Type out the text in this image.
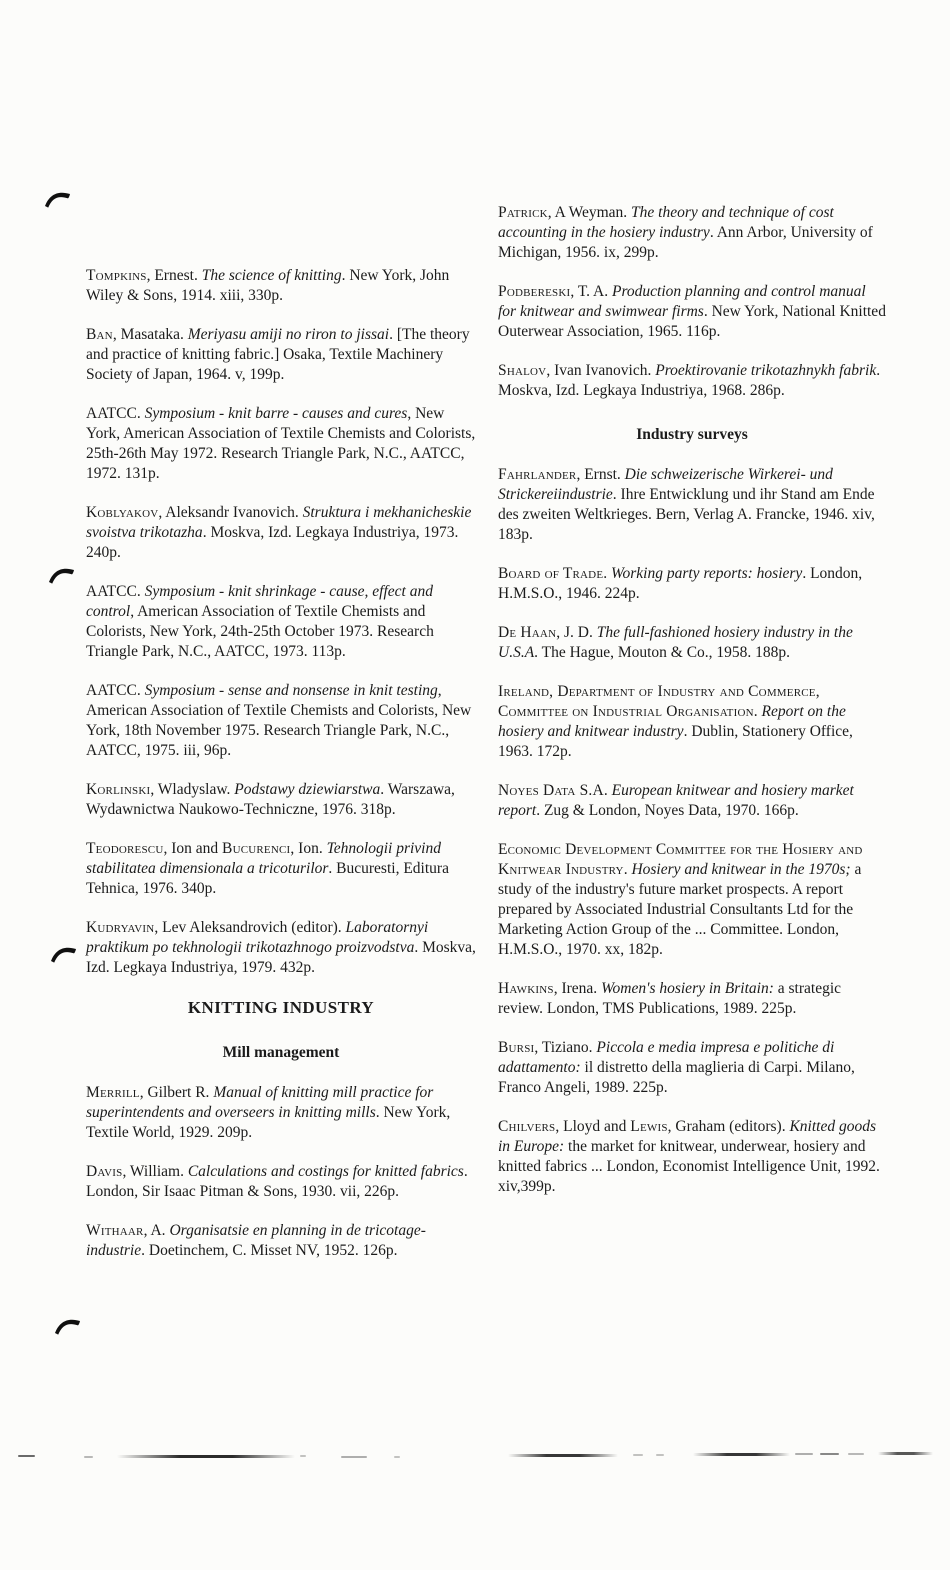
Tompkins, Ernest. The science of knitting. New York, John Wiley & Sons, 1914. xiii, 330p.

Ban, Masataka. Meriyasu amiji no riron to jissai. [The theory and practice of knitting fabric.] Osaka, Textile Machinery Society of Japan, 1964. v, 199p.

AATCC. Symposium - knit barre - causes and cures, New York, American Association of Textile Chemists and Colorists, 25th-26th May 1972. Research Triangle Park, N.C., AATCC, 1972. 131p.

Koblyakov, Aleksandr Ivanovich. Struktura i mekhanicheskie svoistva trikotazha. Moskva, Izd. Legkaya Industriya, 1973. 240p.

AATCC. Symposium - knit shrinkage - cause, effect and control, American Association of Textile Chemists and Colorists, New York, 24th-25th October 1973. Research Triangle Park, N.C., AATCC, 1973. 113p.

AATCC. Symposium - sense and nonsense in knit testing, American Association of Textile Chemists and Colorists, New York, 18th November 1975. Research Triangle Park, N.C., AATCC, 1975. iii, 96p.

Korlinski, Wladyslaw. Podstawy dziewiarstwa. Warszawa, Wydawnictwa Naukowo-Techniczne, 1976. 318p.

Teodorescu, Ion and Bucurenci, Ion. Tehnologii privind stabilitatea dimensionala a tricoturilor. Bucuresti, Editura Tehnica, 1976. 340p.

Kudryavin, Lev Aleksandrovich (editor). Laboratornyi praktikum po tekhnologii trikotazhnogo proizvodstva. Moskva, Izd. Legkaya Industriya, 1979. 432p.

KNITTING INDUSTRY
Mill management

Merrill, Gilbert R. Manual of knitting mill practice for superintendents and overseers in knitting mills. New York, Textile World, 1929. 209p.

Davis, William. Calculations and costings for knitted fabrics. London, Sir Isaac Pitman & Sons, 1930. vii, 226p.

Withaar, A. Organisatsie en planning in de tricotage-industrie. Doetinchem, C. Misset NV, 1952. 126p.

Patrick, A Weyman. The theory and technique of cost accounting in the hosiery industry. Ann Arbor, University of Michigan, 1956. ix, 299p.

Podbereski, T. A. Production planning and control manual for knitwear and swimwear firms. New York, National Knitted Outerwear Association, 1965. 116p.

Shalov, Ivan Ivanovich. Proektirovanie trikotazhnykh fabrik. Moskva, Izd. Legkaya Industriya, 1968. 286p.

Industry surveys

Fahrlander, Ernst. Die schweizerische Wirkerei- und Strickereiindustrie. Ihre Entwicklung und ihr Stand am Ende des zweiten Weltkrieges. Bern, Verlag A. Francke, 1946. xiv, 183p.

Board of Trade. Working party reports: hosiery. London, H.M.S.O., 1946. 224p.

De Haan, J. D. The full-fashioned hosiery industry in the U.S.A. The Hague, Mouton & Co., 1958. 188p.

Ireland, Department of Industry and Commerce, Committee on Industrial Organisation. Report on the hosiery and knitwear industry. Dublin, Stationery Office, 1963. 172p.

Noyes Data S.A. European knitwear and hosiery market report. Zug & London, Noyes Data, 1970. 166p.

Economic Development Committee for the Hosiery and Knitwear Industry. Hosiery and knitwear in the 1970s; a study of the industry's future market prospects. A report prepared by Associated Industrial Consultants Ltd for the Marketing Action Group of the ... Committee. London, H.M.S.O., 1970. xx, 182p.

Hawkins, Irena. Women's hosiery in Britain: a strategic review. London, TMS Publications, 1989. 225p.

Bursi, Tiziano. Piccola e media impresa e politiche di adattamento: il distretto della maglieria di Carpi. Milano, Franco Angeli, 1989. 225p.

Chilvers, Lloyd and Lewis, Graham (editors). Knitted goods in Europe: the market for knitwear, underwear, hosiery and knitted fabrics ... London, Economist Intelligence Unit, 1992. xiv,399p.
